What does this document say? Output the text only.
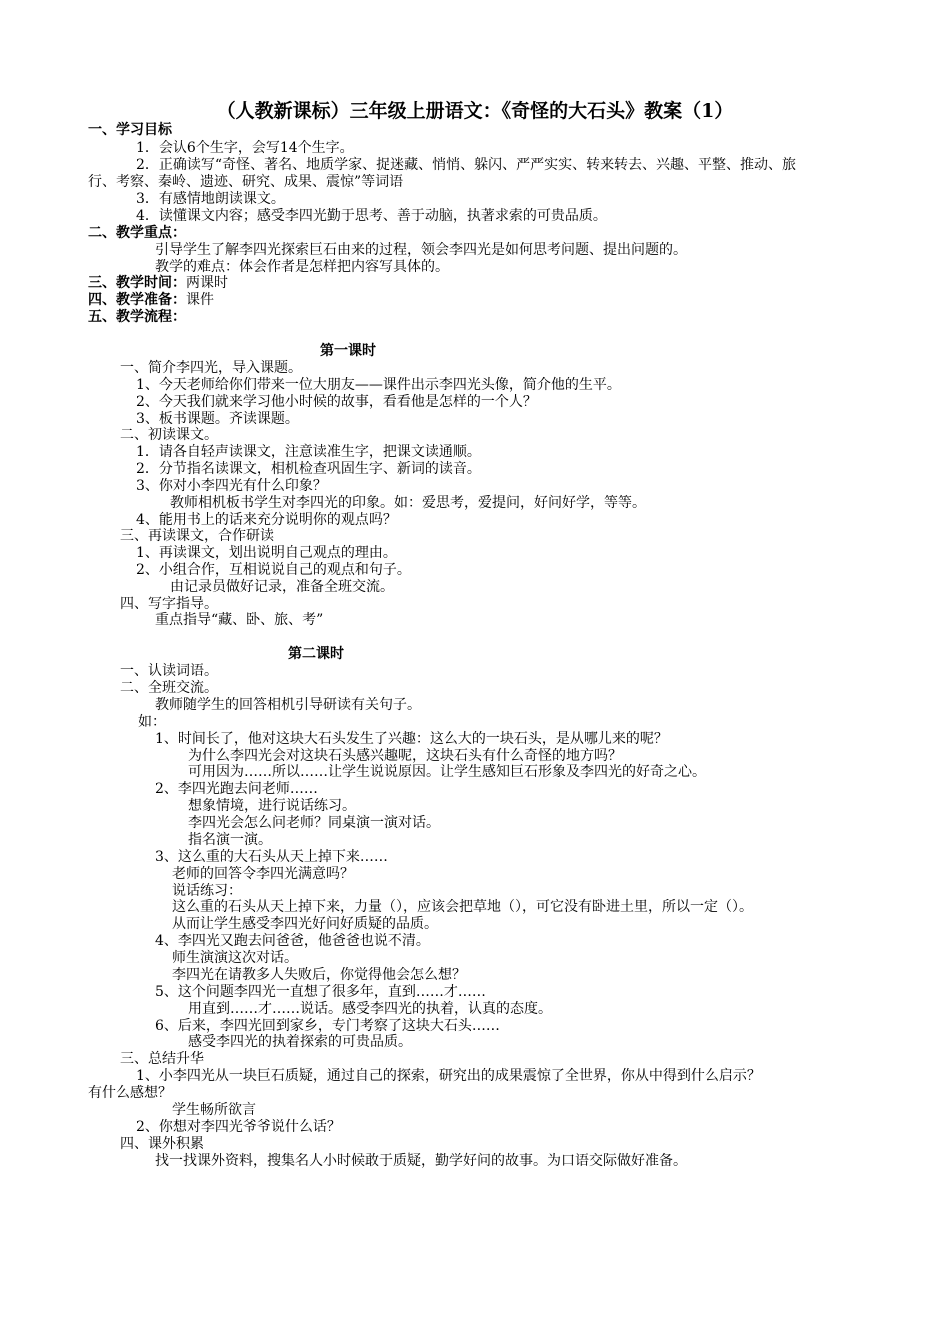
（人教新课标）三年级上册语文：《奇怪的大石头》教案（1）
一、学习目标
1．会认6个生字，会写14个生字。
2．正确读写“奇怪、著名、地质学家、捉迷藏、悄悄、躲闪、严严实实、转来转去、兴趣、平整、推动、旅
行、考察、秦岭、遗迹、研究、成果、震惊”等词语
3．有感情地朗读课文。
4．读懂课文内容；感受李四光勤于思考、善于动脑，执著求索的可贵品质。
二、教学重点：
引导学生了解李四光探索巨石由来的过程，领会李四光是如何思考问题、提出问题的。
教学的难点：体会作者是怎样把内容写具体的。
三、教学时间：两课时
四、教学准备：课件
五、教学流程：
第一课时
一、简介李四光，导入课题。
1、今天老师给你们带来一位大朋友——课件出示李四光头像，简介他的生平。
2、今天我们就来学习他小时候的故事，看看他是怎样的一个人？
3、板书课题。齐读课题。
二、初读课文。
1．请各自轻声读课文，注意读准生字，把课文读通顺。
2．分节指名读课文，相机检查巩固生字、新词的读音。
3、你对小李四光有什么印象？
教师相机板书学生对李四光的印象。如：爱思考，爱提问，好问好学，等等。
4、能用书上的话来充分说明你的观点吗？
三、再读课文，合作研读
1、再读课文，划出说明自己观点的理由。
2、小组合作，互相说说自己的观点和句子。
由记录员做好记录，准备全班交流。
四、写字指导。
重点指导“藏、卧、旅、考”
第二课时
一、认读词语。
二、全班交流。
教师随学生的回答相机引导研读有关句子。
如：
1、时间长了，他对这块大石头发生了兴趣：这么大的一块石头，是从哪儿来的呢？
为什么李四光会对这块石头感兴趣呢，这块石头有什么奇怪的地方吗？
可用因为……所以……让学生说说原因。让学生感知巨石形象及李四光的好奇之心。
2、李四光跑去问老师……
想象情境，进行说话练习。
李四光会怎么问老师？同桌演一演对话。
指名演一演。
3、这么重的大石头从天上掉下来……
老师的回答令李四光满意吗？
说话练习：
这么重的石头从天上掉下来，力量（），应该会把草地（），可它没有卧进土里，所以一定（）。
从而让学生感受李四光好问好质疑的品质。
4、李四光又跑去问爸爸，他爸爸也说不清。
师生演演这次对话。
李四光在请教多人失败后，你觉得他会怎么想？
5、这个问题李四光一直想了很多年，直到……才……
用直到……才……说话。感受李四光的执着，认真的态度。
6、后来，李四光回到家乡，专门考察了这块大石头……
感受李四光的执着探索的可贵品质。
三、总结升华
1、小李四光从一块巨石质疑，通过自己的探索，研究出的成果震惊了全世界，你从中得到什么启示？
有什么感想？
学生畅所欲言
2、你想对李四光爷爷说什么话？
四、课外积累
找一找课外资料，搜集名人小时候敢于质疑，勤学好问的故事。为口语交际做好准备。
